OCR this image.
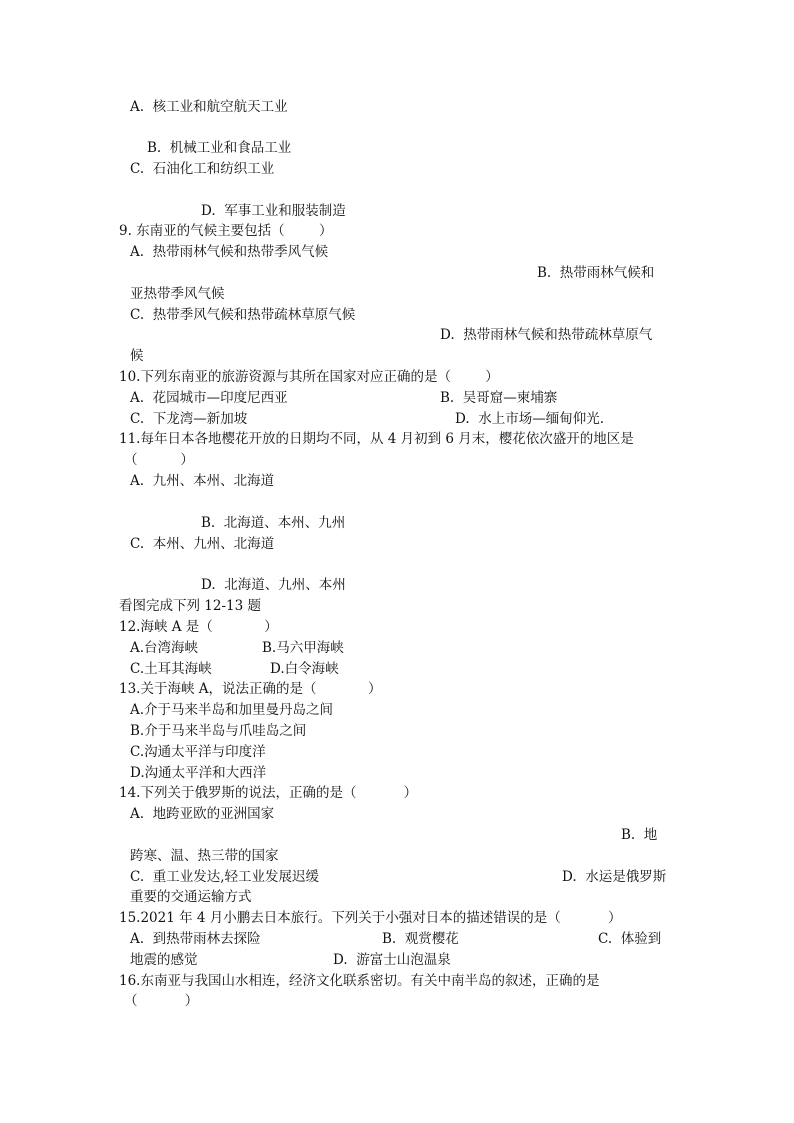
A.  核工业和航空航天工业
B.  机械工业和食品工业
C.  石油化工和纺织工业
D.  军事工业和服装制造
9. 东南亚的气候主要包括（        ）
A.  热带雨林气候和热带季风气候
B.  热带雨林气候和
亚热带季风气候
C.  热带季风气候和热带疏林草原气候
D.  热带雨林气候和热带疏林草原气
候
10.下列东南亚的旅游资源与其所在国家对应正确的是（        ）
A.  花园城市—印度尼西亚	B.  吴哥窟—柬埔寨
C.  下龙湾—新加坡	D.  水上市场—缅甸仰光.
11.每年日本各地樱花开放的日期均不同，从 4 月初到 6 月末，樱花依次盛开的地区是
（          ）
A.  九州、本州、北海道
B.  北海道、本州、九州
C.  本州、九州、北海道
D.  北海道、九州、本州
看图完成下列 12-13 题
12.海峡 A 是（            ）
A.台湾海峡	B.马六甲海峡
C.土耳其海峡	D.白令海峡
13.关于海峡 A，说法正确的是（            ）
A.介于马来半岛和加里曼丹岛之间
B.介于马来半岛与爪哇岛之间
C.沟通太平洋与印度洋
D.沟通太平洋和大西洋
14.下列关于俄罗斯的说法，正确的是（           ）
A.  地跨亚欧的亚洲国家
B.  地
跨寒、温、热三带的国家
C.  重工业发达,轻工业发展迟缓	D.  水运是俄罗斯
重要的交通运输方式
15.2021 年 4 月小鹏去日本旅行。下列关于小强对日本的描述错误的是（           ）
A.  到热带雨林去探险	B.  观赏樱花	C.  体验到
地震的感觉	D.  游富士山泡温泉
16.东南亚与我国山水相连，经济文化联系密切。有关中南半岛的叙述，正确的是
（           ）
